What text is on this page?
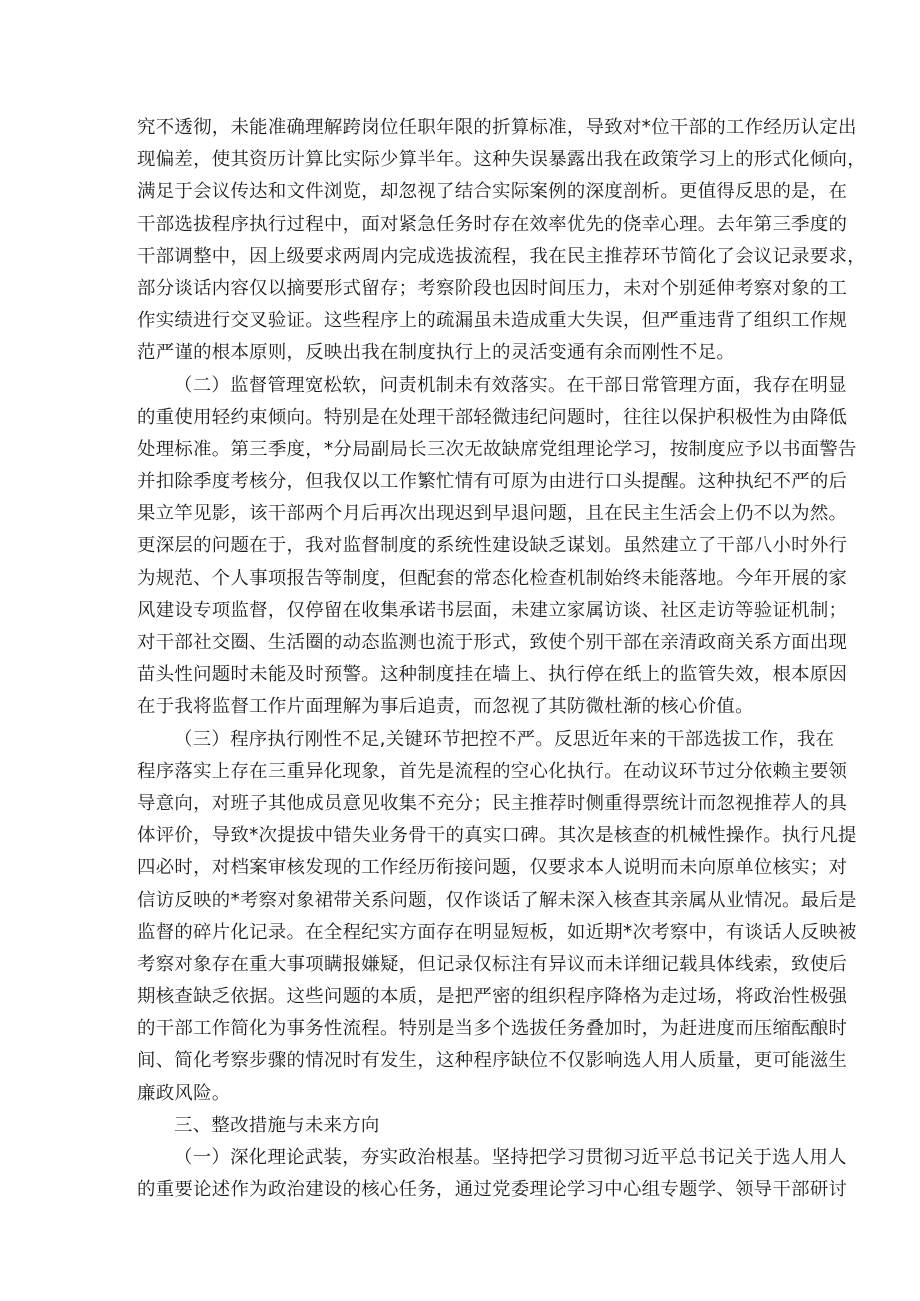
究不透彻，未能准确理解跨岗位任职年限的折算标准，导致对*位干部的工作经历认定出
现偏差，使其资历计算比实际少算半年。这种失误暴露出我在政策学习上的形式化倾向，
满足于会议传达和文件浏览，却忽视了结合实际案例的深度剖析。更值得反思的是，在
干部选拔程序执行过程中，面对紧急任务时存在效率优先的侥幸心理。去年第三季度的
干部调整中，因上级要求两周内完成选拔流程，我在民主推荐环节简化了会议记录要求，
部分谈话内容仅以摘要形式留存；考察阶段也因时间压力，未对个别延伸考察对象的工
作实绩进行交叉验证。这些程序上的疏漏虽未造成重大失误，但严重违背了组织工作规
范严谨的根本原则，反映出我在制度执行上的灵活变通有余而刚性不足。
（二）监督管理宽松软，问责机制未有效落实。在干部日常管理方面，我存在明显
的重使用轻约束倾向。特别是在处理干部轻微违纪问题时，往往以保护积极性为由降低
处理标准。第三季度，*分局副局长三次无故缺席党组理论学习，按制度应予以书面警告
并扣除季度考核分，但我仅以工作繁忙情有可原为由进行口头提醒。这种执纪不严的后
果立竿见影，该干部两个月后再次出现迟到早退问题，且在民主生活会上仍不以为然。
更深层的问题在于，我对监督制度的系统性建设缺乏谋划。虽然建立了干部八小时外行
为规范、个人事项报告等制度，但配套的常态化检查机制始终未能落地。今年开展的家
风建设专项监督，仅停留在收集承诺书层面，未建立家属访谈、社区走访等验证机制；
对干部社交圈、生活圈的动态监测也流于形式，致使个别干部在亲清政商关系方面出现
苗头性问题时未能及时预警。这种制度挂在墙上、执行停在纸上的监管失效，根本原因
在于我将监督工作片面理解为事后追责，而忽视了其防微杜渐的核心价值。
（三）程序执行刚性不足,关键环节把控不严。反思近年来的干部选拔工作，我在
程序落实上存在三重异化现象，首先是流程的空心化执行。在动议环节过分依赖主要领
导意向，对班子其他成员意见收集不充分；民主推荐时侧重得票统计而忽视推荐人的具
体评价，导致*次提拔中错失业务骨干的真实口碑。其次是核查的机械性操作。执行凡提
四必时，对档案审核发现的工作经历衔接问题，仅要求本人说明而未向原单位核实；对
信访反映的*考察对象裙带关系问题，仅作谈话了解未深入核查其亲属从业情况。最后是
监督的碎片化记录。在全程纪实方面存在明显短板，如近期*次考察中，有谈话人反映被
考察对象存在重大事项瞒报嫌疑，但记录仅标注有异议而未详细记载具体线索，致使后
期核查缺乏依据。这些问题的本质，是把严密的组织程序降格为走过场，将政治性极强
的干部工作简化为事务性流程。特别是当多个选拔任务叠加时，为赶进度而压缩酝酿时
间、简化考察步骤的情况时有发生，这种程序缺位不仅影响选人用人质量，更可能滋生
廉政风险。
三、整改措施与未来方向
（一）深化理论武装，夯实政治根基。坚持把学习贯彻习近平总书记关于选人用人
的重要论述作为政治建设的核心任务，通过党委理论学习中心组专题学、领导干部研讨
